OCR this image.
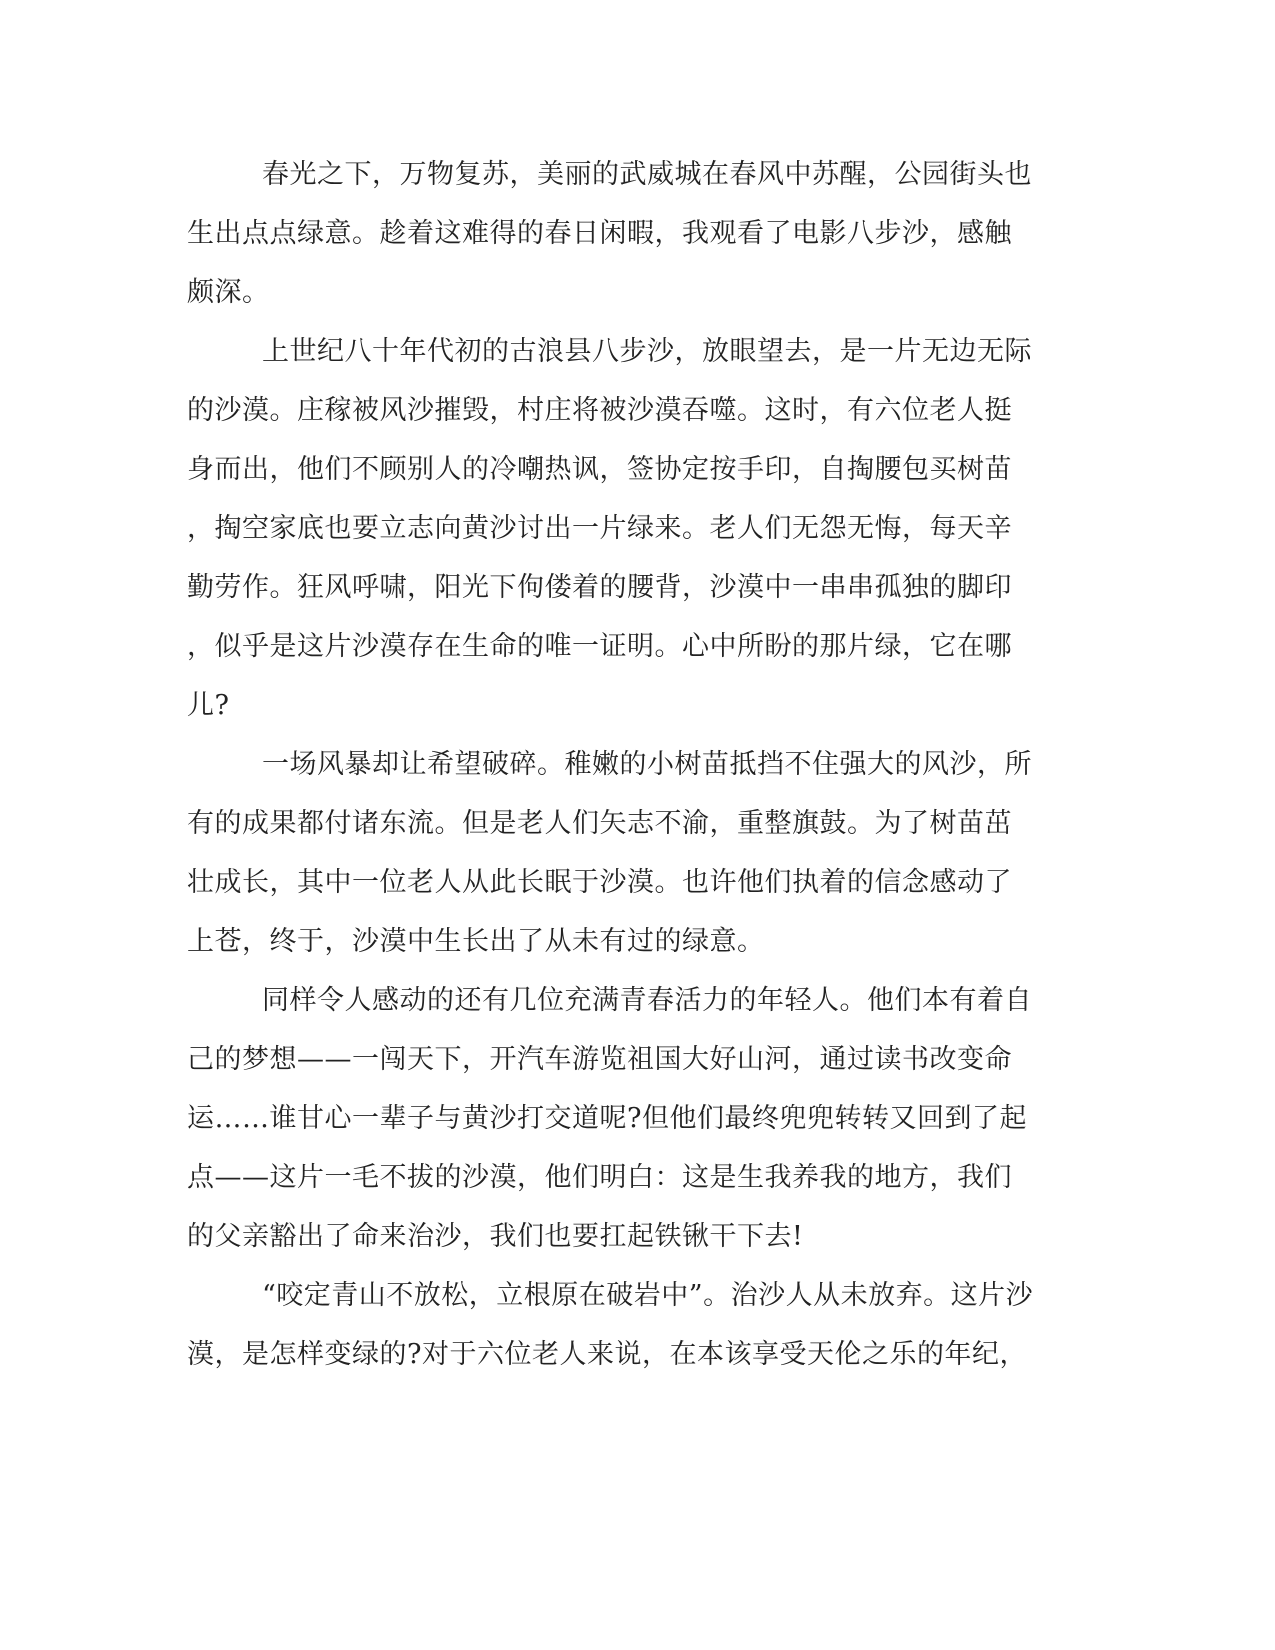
春光之下，万物复苏，美丽的武威城在春风中苏醒，公园街头也
生出点点绿意。趁着这难得的春日闲暇，我观看了电影八步沙，感触
颇深。
上世纪八十年代初的古浪县八步沙，放眼望去，是一片无边无际
的沙漠。庄稼被风沙摧毁，村庄将被沙漠吞噬。这时，有六位老人挺
身而出，他们不顾别人的冷嘲热讽，签协定按手印，自掏腰包买树苗
，掏空家底也要立志向黄沙讨出一片绿来。老人们无怨无悔，每天辛
勤劳作。狂风呼啸，阳光下佝偻着的腰背，沙漠中一串串孤独的脚印
，似乎是这片沙漠存在生命的唯一证明。心中所盼的那片绿，它在哪
儿?
一场风暴却让希望破碎。稚嫩的小树苗抵挡不住强大的风沙，所
有的成果都付诸东流。但是老人们矢志不渝，重整旗鼓。为了树苗茁
壮成长，其中一位老人从此长眠于沙漠。也许他们执着的信念感动了
上苍，终于，沙漠中生长出了从未有过的绿意。
同样令人感动的还有几位充满青春活力的年轻人。他们本有着自
己的梦想——一闯天下，开汽车游览祖国大好山河，通过读书改变命
运……谁甘心一辈子与黄沙打交道呢?但他们最终兜兜转转又回到了起
点——这片一毛不拔的沙漠，他们明白：这是生我养我的地方，我们
的父亲豁出了命来治沙，我们也要扛起铁锹干下去!
“咬定青山不放松，立根原在破岩中”。治沙人从未放弃。这片沙
漠，是怎样变绿的?对于六位老人来说，在本该享受天伦之乐的年纪，
